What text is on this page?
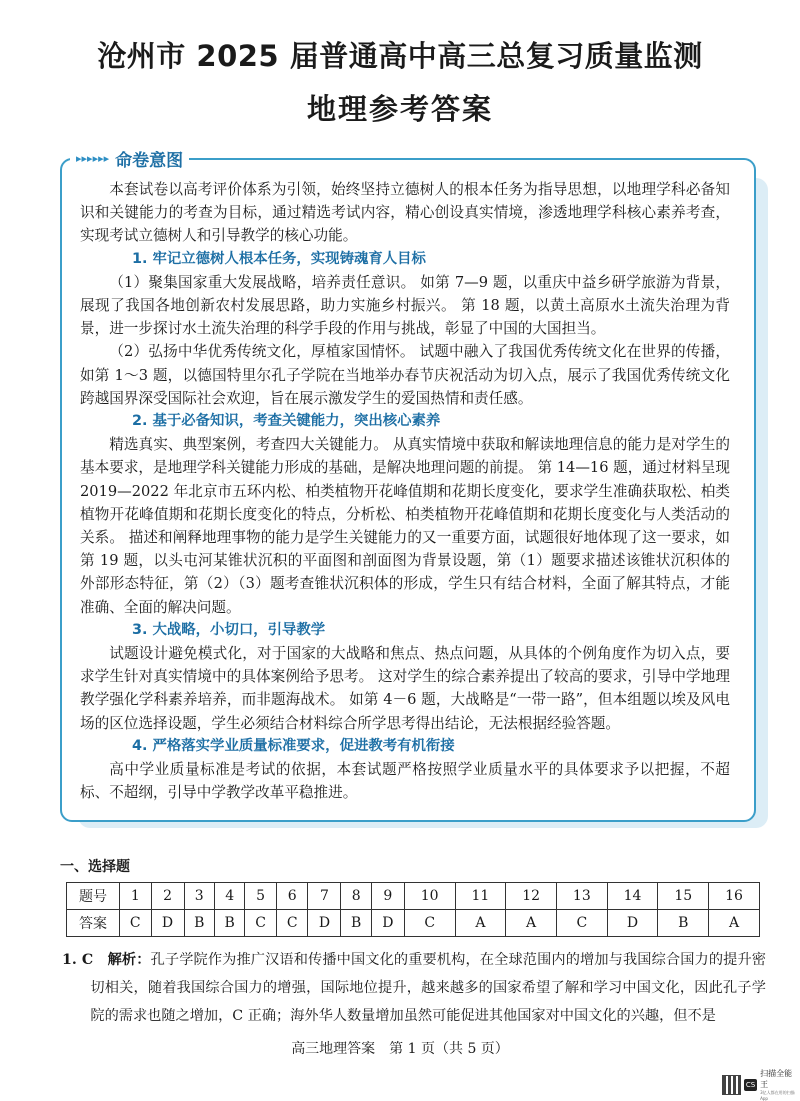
沧州市 2025 届普通高中高三总复习质量监测
地理参考答案
▸▸▸▸▸▸ 命卷意图

本套试卷以高考评价体系为引领，始终坚持立德树人的根本任务为指导思想，以地理学科必备知识和关键能力的考查为目标，通过精选考试内容，精心创设真实情境，渗透地理学科核心素养考查，实现考试立德树人和引导教学的核心功能。

1. 牢记立德树人根本任务，实现铸魂育人目标

（1）聚集国家重大发展战略，培养责任意识。 如第 7—9 题，以重庆中益乡研学旅游为背景，展现了我国各地创新农村发展思路，助力实施乡村振兴。 第 18 题，以黄土高原水土流失治理为背景，进一步探讨水土流失治理的科学手段的作用与挑战，彰显了中国的大国担当。

（2）弘扬中华优秀传统文化，厚植家国情怀。 试题中融入了我国优秀传统文化在世界的传播，如第 1～3 题，以德国特里尔孔子学院在当地举办春节庆祝活动为切入点，展示了我国优秀传统文化跨越国界深受国际社会欢迎，旨在展示激发学生的爱国热情和责任感。

2. 基于必备知识，考查关键能力，突出核心素养

精选真实、典型案例，考查四大关键能力。 从真实情境中获取和解读地理信息的能力是对学生的基本要求，是地理学科关键能力形成的基础，是解决地理问题的前提。 第 14—16 题，通过材料呈现 2019—2022 年北京市五环内松、柏类植物开花峰值期和花期长度变化，要求学生准确获取松、柏类植物开花峰值期和花期长度变化的特点，分析松、柏类植物开花峰值期和花期长度变化与人类活动的关系。 描述和阐释地理事物的能力是学生关键能力的又一重要方面，试题很好地体现了这一要求，如第 19 题，以头屯河某锥状沉积的平面图和剖面图为背景设题，第（1）题要求描述该锥状沉积体的外部形态特征，第（2）（3）题考查锥状沉积体的形成，学生只有结合材料，全面了解其特点，才能准确、全面的解决问题。

3. 大战略，小切口，引导教学

试题设计避免模式化，对于国家的大战略和焦点、热点问题，从具体的个例角度作为切入点，要求学生针对真实情境中的具体案例给予思考。 这对学生的综合素养提出了较高的要求，引导中学地理教学强化学科素养培养，而非题海战术。 如第 4－6 题，大战略是“一带一路”，但本组题以埃及风电场的区位选择设题，学生必须结合材料综合所学思考得出结论，无法根据经验答题。

4. 严格落实学业质量标准要求，促进教考有机衔接

高中学业质量标准是考试的依据，本套试题严格按照学业质量水平的具体要求予以把握，不超标、不超纲，引导中学教学改革平稳推进。

一、选择题
题号	1	2	3	4	5	6	7	8	9	10	11	12	13	14	15	16
答案	C	D	B	B	C	C	D	B	D	C	A	A	C	D	B	A

1. C　解析：孔子学院作为推广汉语和传播中国文化的重要机构，在全球范围内的增加与我国综合国力的提升密切相关，随着我国综合国力的增强，国际地位提升，越来越多的国家希望了解和学习中国文化，因此孔子学院的需求也随之增加，C 正确；海外华人数量增加虽然可能促进其他国家对中国文化的兴趣，但不是

高三地理答案　第 1 页（共 5 页）
CS
扫描全能王
3亿人都在用的扫描App
